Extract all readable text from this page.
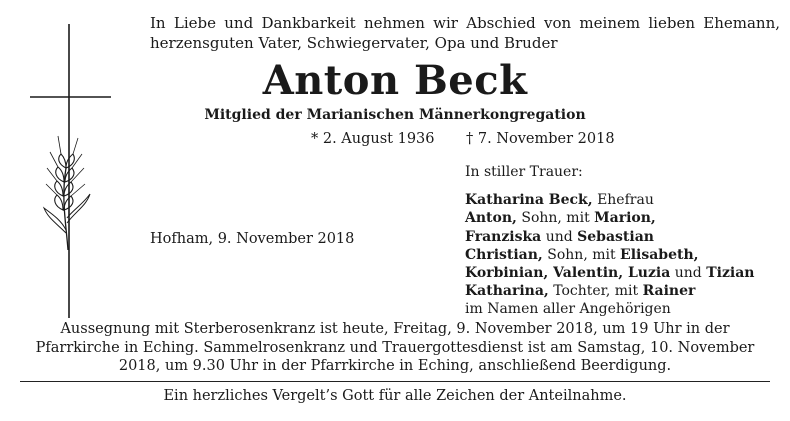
In Liebe und Dankbarkeit nehmen wir Abschied von meinem lieben Ehemann, herzensguten Vater, Schwiegervater, Opa und Bruder
Anton Beck
Mitglied der Marianischen Männerkongregation
* 2. August 1936 † 7. November 2018
Hofham, 9. November 2018
In stiller Trauer:
Katharina Beck, Ehefrau
Anton, Sohn, mit Marion,
Franziska und Sebastian
Christian, Sohn, mit Elisabeth,
Korbinian, Valentin, Luzia und Tizian
Katharina, Tochter, mit Rainer
im Namen aller Angehörigen
Aussegnung mit Sterberosenkranz ist heute, Freitag, 9. November 2018, um 19 Uhr in der Pfarrkirche in Eching. Sammelrosenkranz und Trauergottesdienst ist am Samstag, 10. November 2018, um 9.30 Uhr in der Pfarrkirche in Eching, anschließend Beerdigung.
Ein herzliches Vergelt’s Gott für alle Zeichen der Anteilnahme.
